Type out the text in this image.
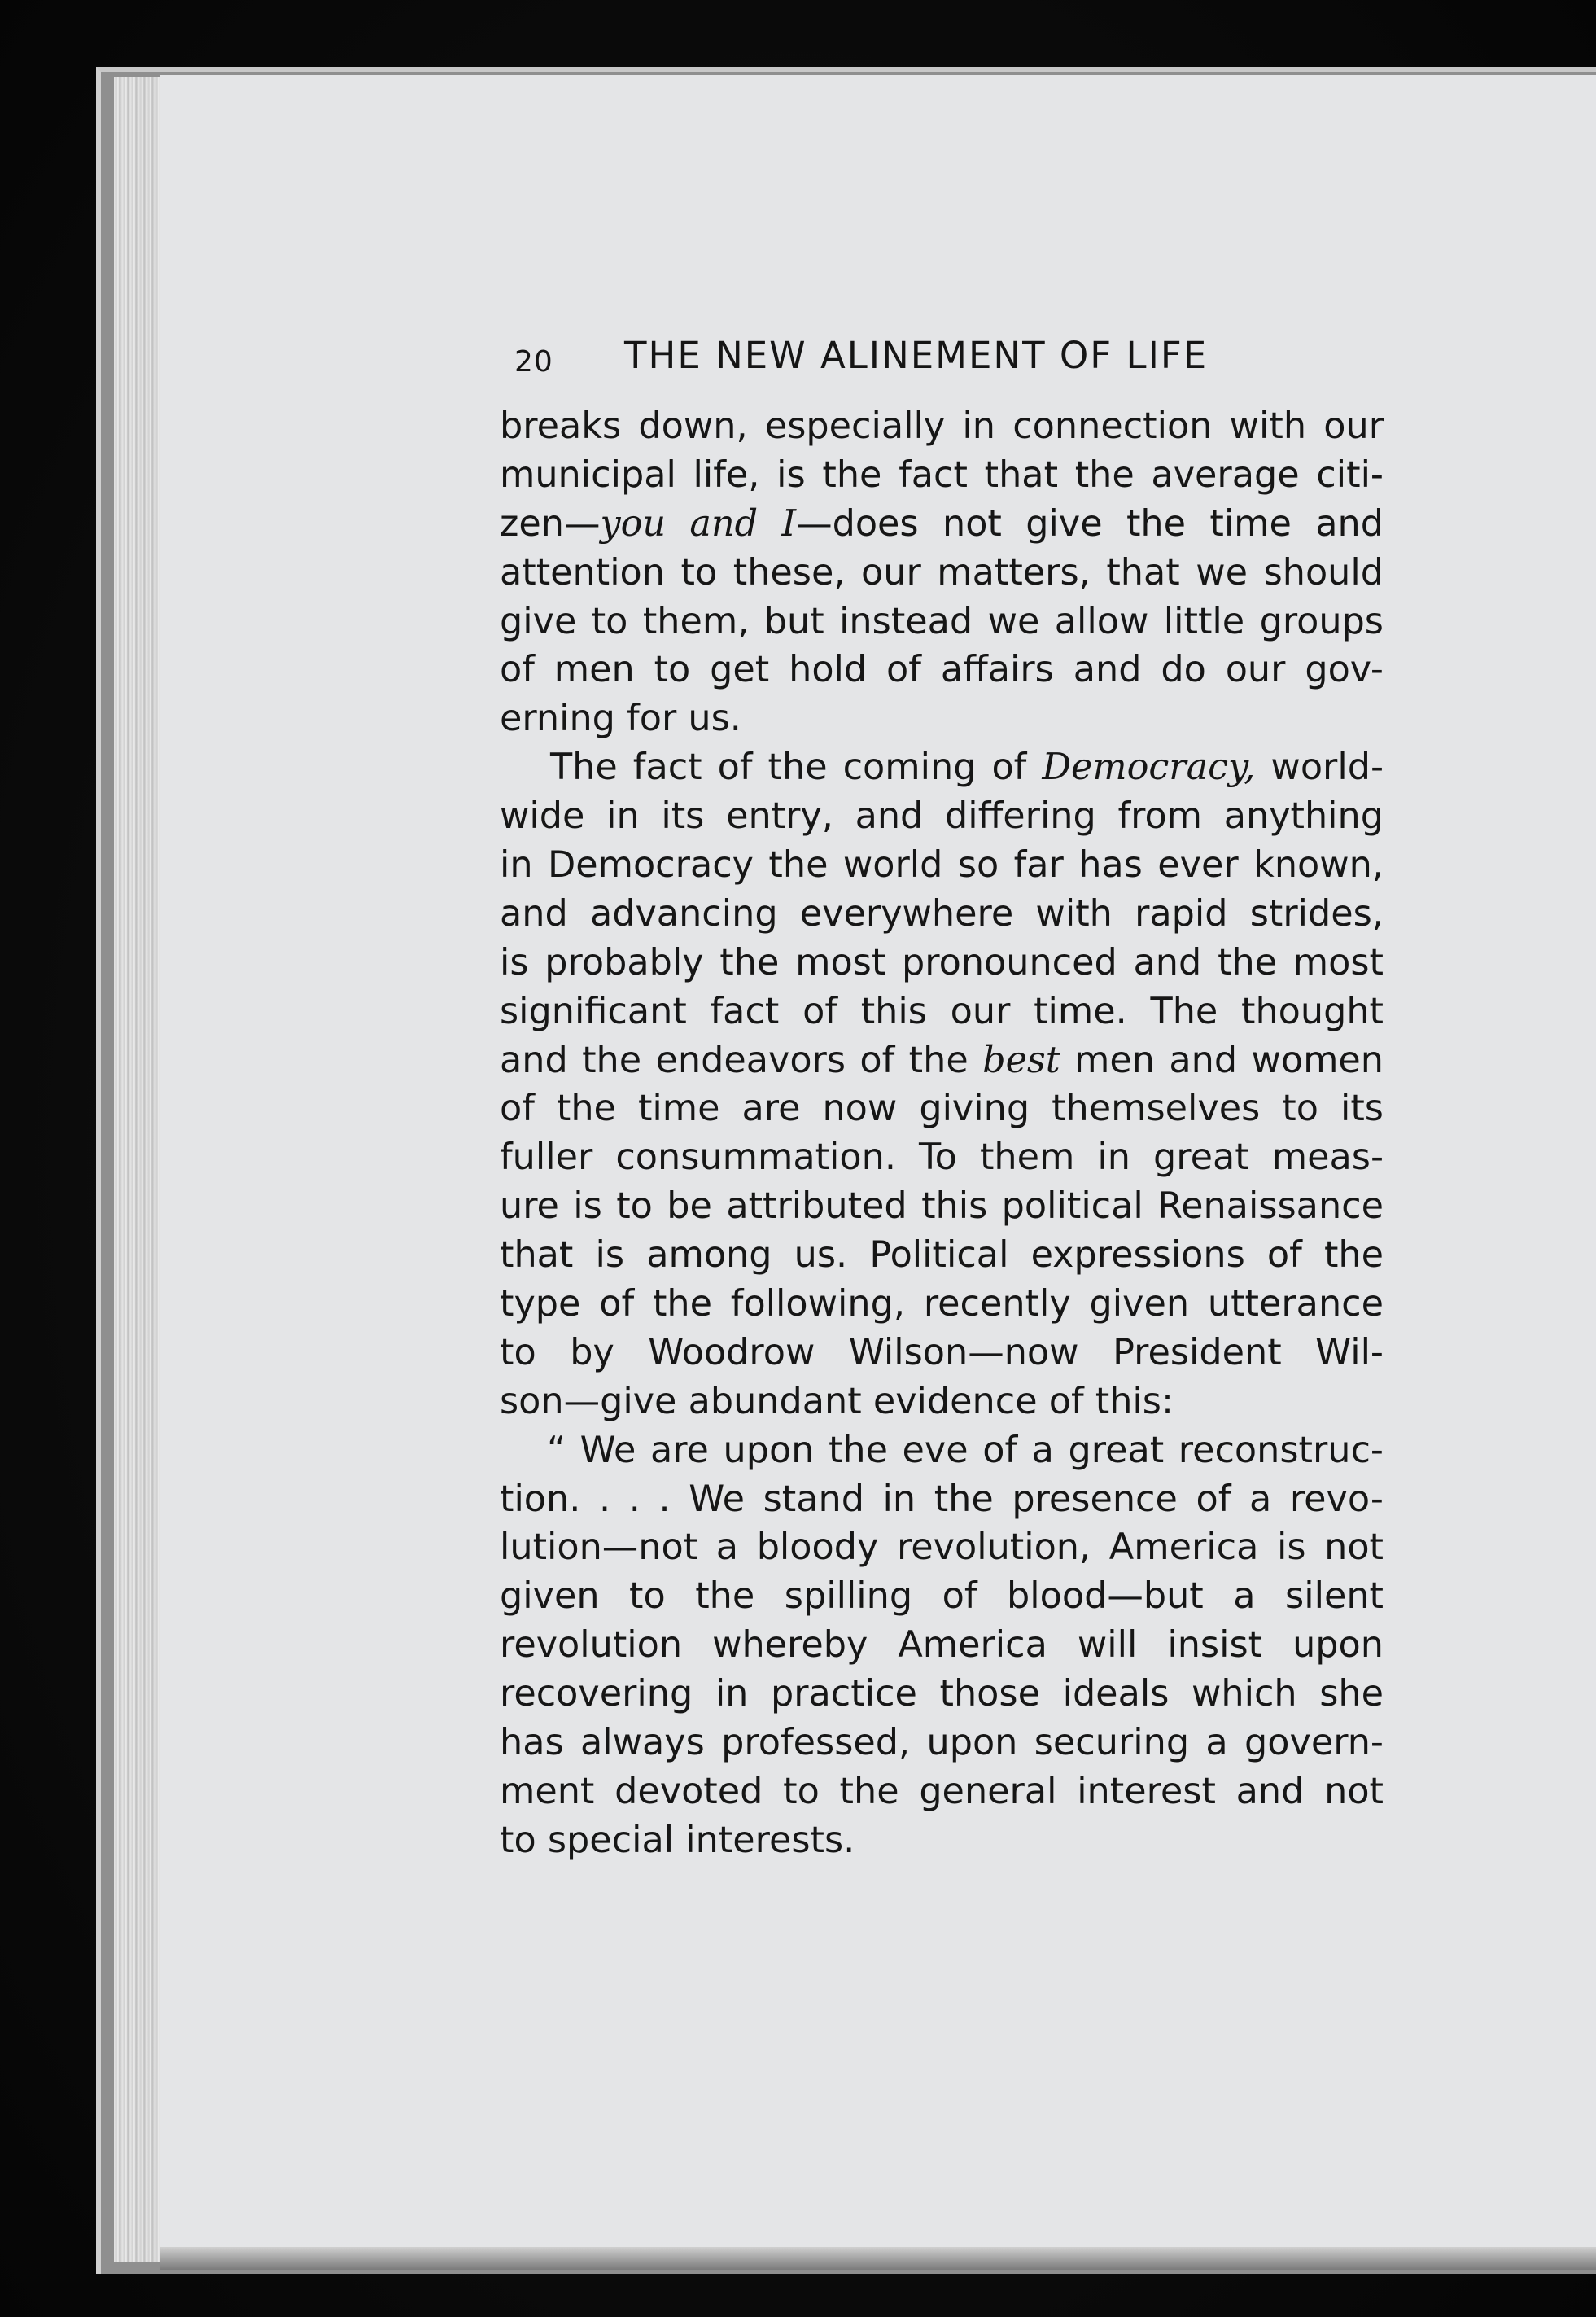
20 THE NEW ALINEMENT OF LIFE
breaks down, especially in connection with our
municipal life, is the fact that the average citi-
zen—you and I—does not give the time and
attention to these, our matters, that we should
give to them, but instead we allow little groups
of men to get hold of affairs and do our gov-
erning for us.
The fact of the coming of Democracy, world-
wide in its entry, and differing from anything
in Democracy the world so far has ever known,
and advancing everywhere with rapid strides,
is probably the most pronounced and the most
significant fact of this our time. The thought
and the endeavors of the best men and women
of the time are now giving themselves to its
fuller consummation. To them in great meas-
ure is to be attributed this political Renaissance
that is among us. Political expressions of the
type of the following, recently given utterance
to by Woodrow Wilson—now President Wil-
son—give abundant evidence of this:
“ We are upon the eve of a great reconstruc-
tion. . . . We stand in the presence of a revo-
lution—not a bloody revolution, America is not
given to the spilling of blood—but a silent
revolution whereby America will insist upon
recovering in practice those ideals which she
has always professed, upon securing a govern-
ment devoted to the general interest and not
to special interests.
